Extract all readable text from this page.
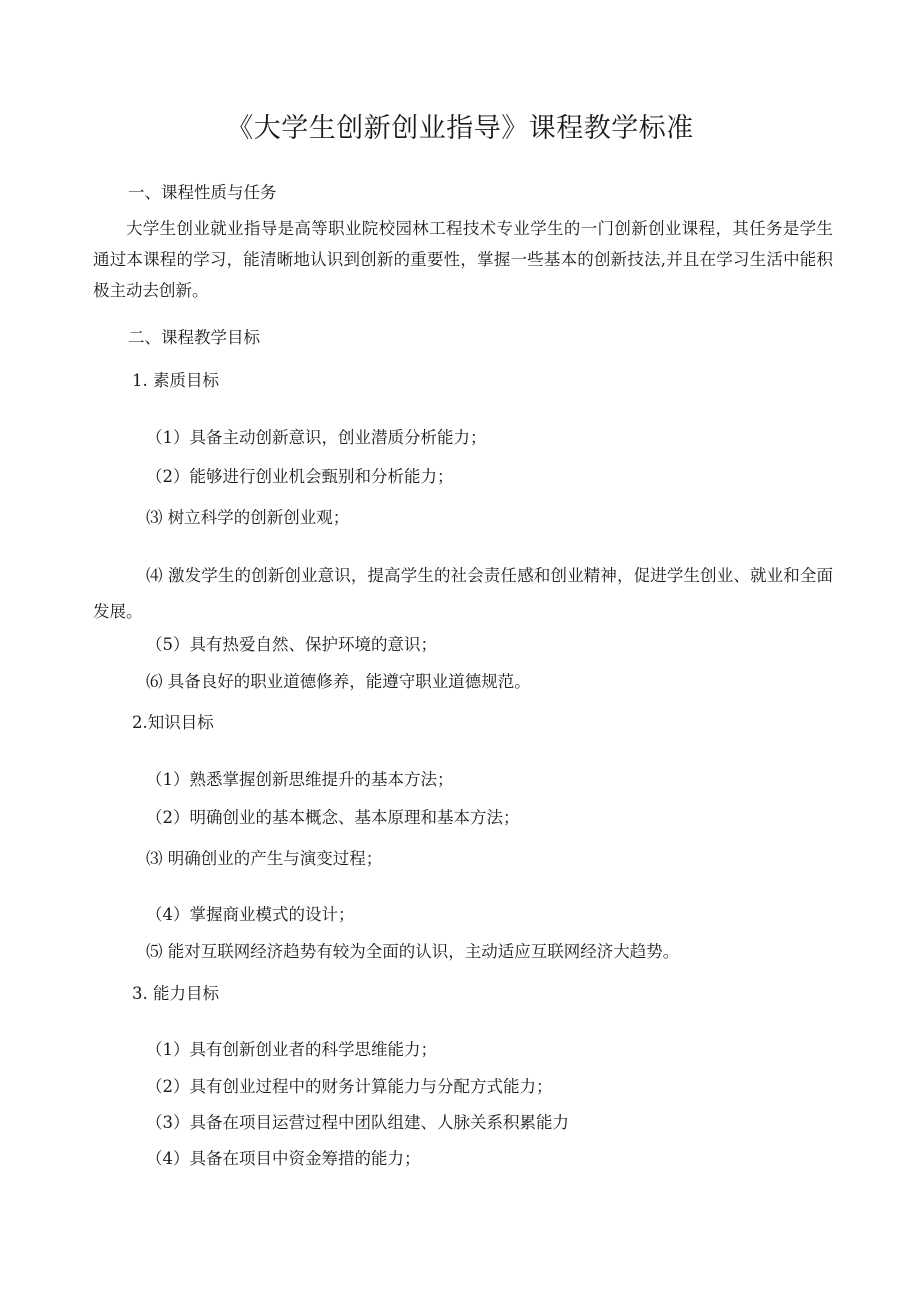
《大学生创新创业指导》课程教学标准
一、课程性质与任务
大学生创业就业指导是高等职业院校园林工程技术专业学生的一门创新创业课程，其任务是学生通过本课程的学习，能清晰地认识到创新的重要性，掌握一些基本的创新技法,并且在学习生活中能积极主动去创新。
二、课程教学目标
1. 素质目标
（1）具备主动创新意识，创业潜质分析能力；
（2）能够进行创业机会甄别和分析能力；
⑶ 树立科学的创新创业观；
⑷ 激发学生的创新创业意识，提高学生的社会责任感和创业精神，促进学生创业、就业和全面发展。
（5）具有热爱自然、保护环境的意识；
⑹ 具备良好的职业道德修养，能遵守职业道德规范。
2.知识目标
（1）熟悉掌握创新思维提升的基本方法；
（2）明确创业的基本概念、基本原理和基本方法；
⑶ 明确创业的产生与演变过程；
（4）掌握商业模式的设计；
⑸ 能对互联网经济趋势有较为全面的认识，主动适应互联网经济大趋势。
3. 能力目标
（1）具有创新创业者的科学思维能力；
（2）具有创业过程中的财务计算能力与分配方式能力；
（3）具备在项目运营过程中团队组建、人脉关系积累能力
（4）具备在项目中资金筹措的能力；
